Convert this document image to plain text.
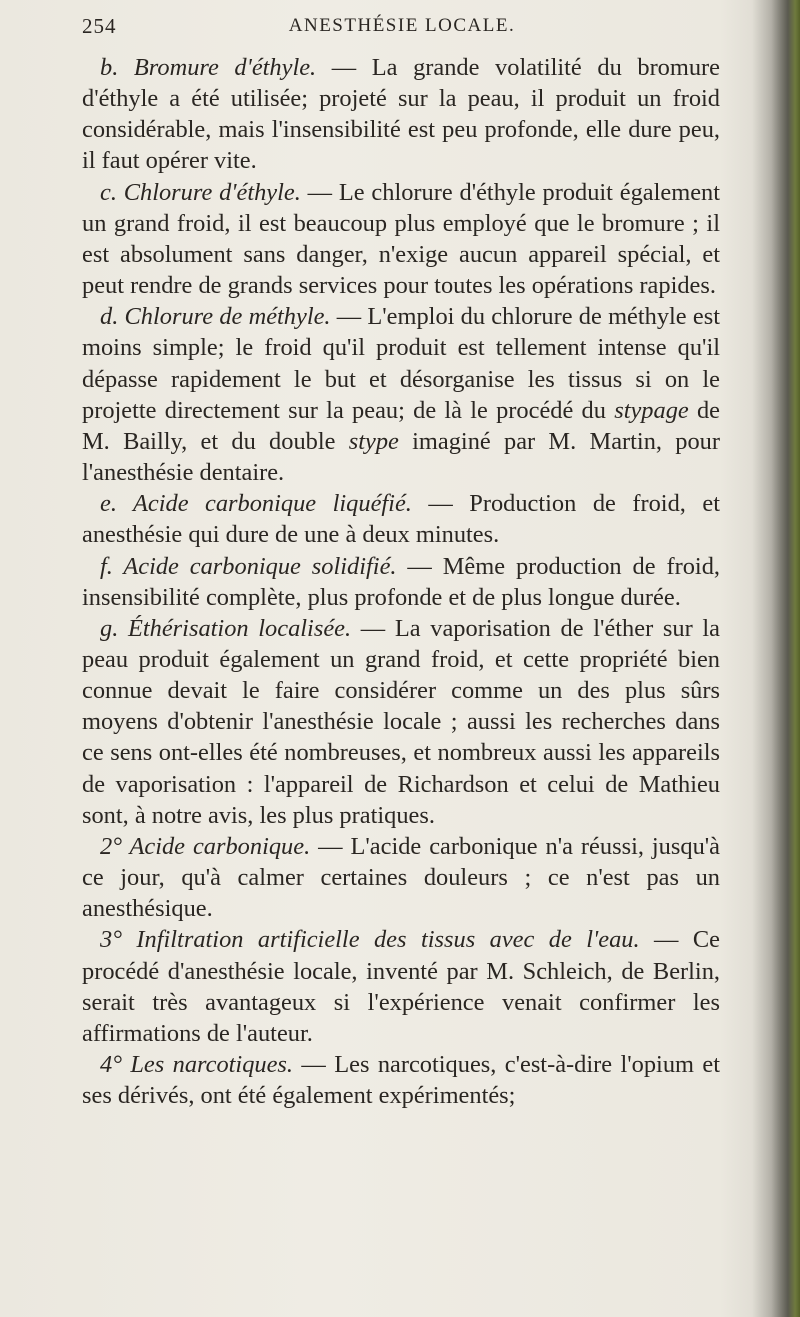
254	ANESTHÉSIE LOCALE.

b. Bromure d'éthyle. — La grande volatilité du bromure d'éthyle a été utilisée; projeté sur la peau, il produit un froid considérable, mais l'insensibilité est peu profonde, elle dure peu, il faut opérer vite.

c. Chlorure d'éthyle. — Le chlorure d'éthyle produit également un grand froid, il est beaucoup plus employé que le bromure ; il est absolument sans danger, n'exige aucun appareil spécial, et peut rendre de grands services pour toutes les opérations rapides.

d. Chlorure de méthyle. — L'emploi du chlorure de méthyle est moins simple; le froid qu'il produit est tellement intense qu'il dépasse rapidement le but et désorganise les tissus si on le projette directement sur la peau; de là le procédé du stypage de M. Bailly, et du double stype imaginé par M. Martin, pour l'anesthésie dentaire.

e. Acide carbonique liquéfié. — Production de froid, et anesthésie qui dure de une à deux minutes.

f. Acide carbonique solidifié. — Même production de froid, insensibilité complète, plus profonde et de plus longue durée.

g. Éthérisation localisée. — La vaporisation de l'éther sur la peau produit également un grand froid, et cette propriété bien connue devait le faire considérer comme un des plus sûrs moyens d'obtenir l'anesthésie locale ; aussi les recherches dans ce sens ont-elles été nombreuses, et nombreux aussi les appareils de vaporisation : l'appareil de Richardson et celui de Mathieu sont, à notre avis, les plus pratiques.

2° Acide carbonique. — L'acide carbonique n'a réussi, jusqu'à ce jour, qu'à calmer certaines douleurs ; ce n'est pas un anesthésique.

3° Infiltration artificielle des tissus avec de l'eau. — Ce procédé d'anesthésie locale, inventé par M. Schleich, de Berlin, serait très avantageux si l'expérience venait confirmer les affirmations de l'auteur.

4° Les narcotiques. — Les narcotiques, c'est-à-dire l'opium et ses dérivés, ont été également expérimentés;
